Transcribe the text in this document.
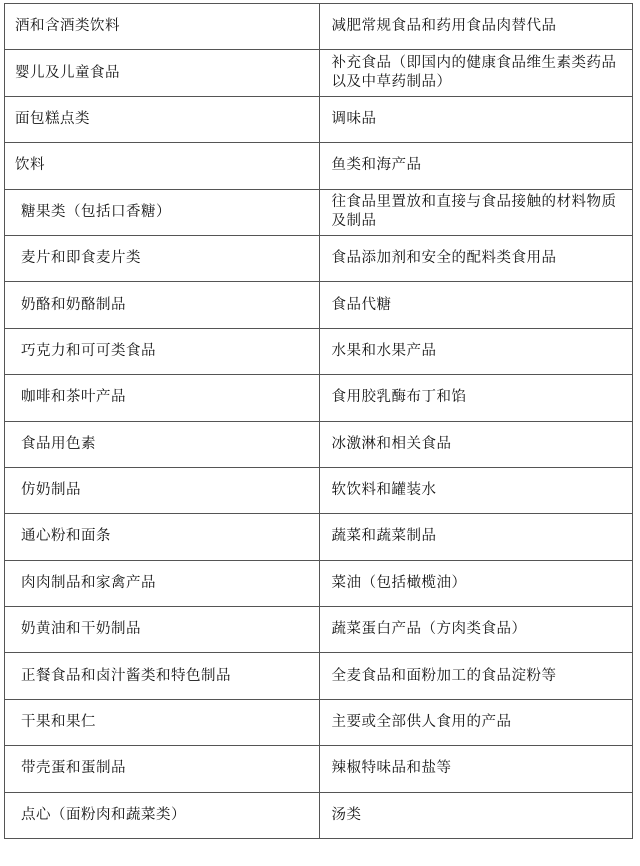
酒和含酒类饮料	减肥常规食品和药用食品肉替代品

婴儿及儿童食品	补充食品（即国内的健康食品维生素类药品以及中草药制品）

面包糕点类	调味品

饮料	鱼类和海产品

糖果类（包括口香糖）	往食品里置放和直接与食品接触的材料物质及制品

麦片和即食麦片类	食品添加剂和安全的配料类食用品

奶酪和奶酪制品	食品代糖

巧克力和可可类食品	水果和水果产品

咖啡和茶叶产品	食用胶乳酶布丁和馅

食品用色素	冰激淋和相关食品

仿奶制品	软饮料和罐装水

通心粉和面条	蔬菜和蔬菜制品

肉肉制品和家禽产品	菜油（包括橄榄油）

奶黄油和干奶制品	蔬菜蛋白产品（方肉类食品）

正餐食品和卤汁酱类和特色制品	全麦食品和面粉加工的食品淀粉等

干果和果仁	主要或全部供人食用的产品

带壳蛋和蛋制品	辣椒特味品和盐等

点心（面粉肉和蔬菜类）	汤类
